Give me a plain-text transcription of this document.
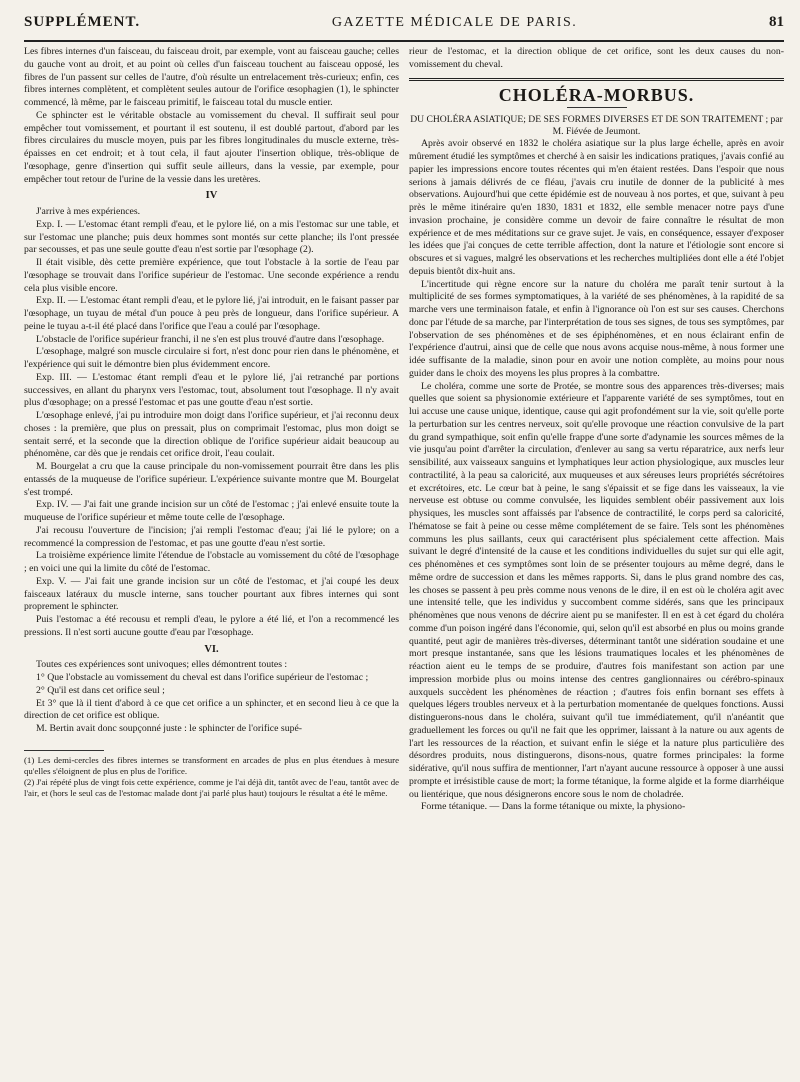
SUPPLÉMENT.	GAZETTE MÉDICALE DE PARIS.	81

Les fibres internes d'un faisceau, du faisceau droit, par exemple, vont au faisceau gauche; celles du gauche vont au droit, et au point où celles d'un faisceau touchent au faisceau opposé, les fibres de l'un passent sur celles de l'autre, d'où résulte un entrelacement très-curieux; enfin, ces fibres internes complètent, et complètent seules autour de l'orifice œsophagien (1), le sphincter commencé, là même, par le faisceau primitif, le faisceau total du muscle entier.

Ce sphincter est le véritable obstacle au vomissement du cheval. Il suffirait seul pour empêcher tout vomissement, et pourtant il est soutenu, il est doublé partout, d'abord par les fibres circulaires du muscle moyen, puis par les fibres longitudinales du muscle externe, très-épaisses en cet endroit; et à tout cela, il faut ajouter l'insertion oblique, très-oblique de l'œsophage, genre d'insertion qui suffit seule ailleurs, dans la vessie, par exemple, pour empêcher tout retour de l'urine de la vessie dans les uretères.

IV

J'arrive à mes expériences.

Exp. I. — L'estomac étant rempli d'eau, et le pylore lié, on a mis l'estomac sur une table, et sur l'estomac une planche; puis deux hommes sont montés sur cette planche; ils l'ont pressée par secousses, et pas une seule goutte d'eau n'est sortie par l'œsophage (2).

Il était visible, dès cette première expérience, que tout l'obstacle à la sortie de l'eau par l'œsophage se trouvait dans l'orifice supérieur de l'estomac. Une seconde expérience a rendu cela plus visible encore.

Exp. II. — L'estomac étant rempli d'eau, et le pylore lié, j'ai introduit, en le faisant passer par l'œsophage, un tuyau de métal d'un pouce à peu près de longueur, dans l'orifice supérieur. A peine le tuyau a-t-il été placé dans l'orifice que l'eau a coulé par l'œsophage.

L'obstacle de l'orifice supérieur franchi, il ne s'en est plus trouvé d'autre dans l'œsophage.

L'œsophage, malgré son muscle circulaire si fort, n'est donc pour rien dans le phénomène, et l'expérience qui suit le démontre bien plus évidemment encore.

Exp. III. — L'estomac étant rempli d'eau et le pylore lié, j'ai retranché par portions successives, en allant du pharynx vers l'estomac, tout, absolument tout l'œsophage. Il n'y avait plus d'œsophage; on a pressé l'estomac et pas une goutte d'eau n'est sortie.

L'œsophage enlevé, j'ai pu introduire mon doigt dans l'orifice supérieur, et j'ai reconnu deux choses : la première, que plus on pressait, plus on comprimait l'estomac, plus mon doigt se sentait serré, et la seconde que la direction oblique de l'orifice supérieur aidait beaucoup au phénomène, car dès que je rendais cet orifice droit, l'eau coulait.

M. Bourgelat a cru que la cause principale du non-vomissement pourrait être dans les plis entassés de la muqueuse de l'orifice supérieur. L'expérience suivante montre que M. Bourgelat s'est trompé.

Exp. IV. — J'ai fait une grande incision sur un côté de l'estomac ; j'ai enlevé ensuite toute la muqueuse de l'orifice supérieur et même toute celle de l'œsophage.

J'ai recousu l'ouverture de l'incision; j'ai rempli l'estomac d'eau; j'ai lié le pylore; on a recommencé la compression de l'estomac, et pas une goutte d'eau n'est sortie.

La troisième expérience limite l'étendue de l'obstacle au vomissement du côté de l'œsophage ; en voici une qui la limite du côté de l'estomac.

Exp. V. — J'ai fait une grande incision sur un côté de l'estomac, et j'ai coupé les deux faisceaux latéraux du muscle interne, sans toucher pourtant aux fibres internes qui sont proprement le sphincter.

Puis l'estomac a été recousu et rempli d'eau, le pylore a été lié, et l'on a recommencé les pressions. Il n'est sorti aucune goutte d'eau par l'œsophage.

VI.

Toutes ces expériences sont univoques; elles démontrent toutes :

1° Que l'obstacle au vomissement du cheval est dans l'orifice supérieur de l'estomac ;

2° Qu'il est dans cet orifice seul ;

Et 3° que là il tient d'abord à ce que cet orifice a un sphincter, et en second lieu à ce que la direction de cet orifice est oblique.

M. Bertin avait donc soupçonné juste : le sphincter de l'orifice supé-

(1) Les demi-cercles des fibres internes se transforment en arcades de plus en plus étendues à mesure qu'elles s'éloignent de plus en plus de l'orifice.

(2) J'ai répété plus de vingt fois cette expérience, comme je l'ai déjà dit, tantôt avec de l'eau, tantôt avec de l'air, et (hors le seul cas de l'estomac malade dont j'ai parlé plus haut) toujours le résultat a été le même.

rieur de l'estomac, et la direction oblique de cet orifice, sont les deux causes du non-vomissement du cheval.

CHOLÉRA-MORBUS.

DU CHOLÉRA ASIATIQUE; DE SES FORMES DIVERSES ET DE SON TRAITEMENT ; par M. Fiévée de Jeumont.

Après avoir observé en 1832 le choléra asiatique sur la plus large échelle, après en avoir mûrement étudié les symptômes et cherché à en saisir les indications pratiques, j'avais confié au papier les impressions encore toutes récentes qui m'en étaient restées. Dans l'espoir que nous serions à jamais délivrés de ce fléau, j'avais cru inutile de donner de la publicité à mes observations. Aujourd'hui que cette épidémie est de nouveau à nos portes, et que, suivant à peu près le même itinéraire qu'en 1830, 1831 et 1832, elle semble menacer notre pays d'une invasion prochaine, je considère comme un devoir de faire connaître le résultat de mon expérience et de mes méditations sur ce grave sujet. Je vais, en conséquence, essayer d'exposer les idées que j'ai conçues de cette terrible affection, dont la nature et l'étiologie sont encore si obscures et si vagues, malgré les observations et les recherches multipliées dont elle a été l'objet depuis bientôt dix-huit ans.

L'incertitude qui règne encore sur la nature du choléra me paraît tenir surtout à la multiplicité de ses formes symptomatiques, à la variété de ses phénomènes, à la rapidité de sa marche vers une terminaison fatale, et enfin à l'ignorance où l'on est sur ses causes. Cherchons donc par l'étude de sa marche, par l'interprétation de tous ses signes, de tous ses symptômes, par l'observation de ses phénomènes et de ses épiphénomènes, et en nous éclairant enfin de l'expérience d'autrui, ainsi que de celle que nous avons acquise nous-même, à nous former une idée suffisante de la maladie, sinon pour en avoir une notion complète, au moins pour nous guider dans le choix des moyens les plus propres à la combattre.

Le choléra, comme une sorte de Protée, se montre sous des apparences très-diverses; mais quelles que soient sa physionomie extérieure et l'apparente variété de ses symptômes, tout en lui accuse une cause unique, identique, cause qui agit profondément sur la vie, soit qu'elle porte la perturbation sur les centres nerveux, soit qu'elle provoque une réaction convulsive de la part du grand sympathique, soit enfin qu'elle frappe d'une sorte d'adynamie les sources mêmes de la vie jusqu'au point d'arrêter la circulation, d'enlever au sang sa vertu réparatrice, aux nerfs leur sensibilité, aux vaisseaux sanguins et lymphatiques leur action physiologique, aux muscles leur contractilité, à la peau sa caloricité, aux muqueuses et aux séreuses leurs propriétés sécrétoires et excrétoires, etc. Le cœur bat à peine, le sang s'épaissit et se fige dans les vaisseaux, la vie nerveuse est obtuse ou comme convulsée, les liquides semblent obéir passivement aux lois physiques, les muscles sont affaissés par l'absence de contractilité, le corps perd sa caloricité, l'hématose se fait à peine ou cesse même complétement de se faire. Tels sont les phénomènes communs les plus saillants, ceux qui caractérisent plus spécialement cette affection. Mais suivant le degré d'intensité de la cause et les conditions individuelles du sujet sur qui elle agit, ces phénomènes et ces symptômes sont loin de se présenter toujours au même degré, dans le même ordre de succession et dans les mêmes rapports. Si, dans le plus grand nombre des cas, les choses se passent à peu près comme nous venons de le dire, il en est où le choléra agit avec une intensité telle, que les individus y succombent comme sidérés, sans que les principaux phénomènes que nous venons de décrire aient pu se manifester. Il en est à cet égard du choléra comme d'un poison ingéré dans l'économie, qui, selon qu'il est absorbé en plus ou moins grande quantité, peut agir de manières très-diverses, déterminant tantôt une sidération soudaine et une mort presque instantanée, sans que les lésions traumatiques locales et les phénomènes de réaction aient eu le temps de se produire, d'autres fois manifestant son action par une impression morbide plus ou moins intense des centres ganglionnaires ou cérébro-spinaux auxquels succèdent les phénomènes de réaction ; d'autres fois enfin bornant ses effets à quelques légers troubles nerveux et à la perturbation momentanée de quelques fonctions. Aussi distinguerons-nous dans le choléra, suivant qu'il tue immédiatement, qu'il n'anéantit que graduellement les forces ou qu'il ne fait que les opprimer, laissant à la nature ou aux agents de l'art les ressources de la réaction, et suivant enfin le siége et la nature plus particulière des désordres produits, nous distinguerons, disons-nous, quatre formes principales: la forme sidérative, qu'il nous suffira de mentionner, l'art n'ayant aucune ressource à opposer à une aussi prompte et irrésistible cause de mort; la forme tétanique, la forme algide et la forme diarrhéique ou lientérique, que nous désignerons encore sous le nom de choladrée.

Forme tétanique. — Dans la forme tétanique ou mixte, la physiono-
